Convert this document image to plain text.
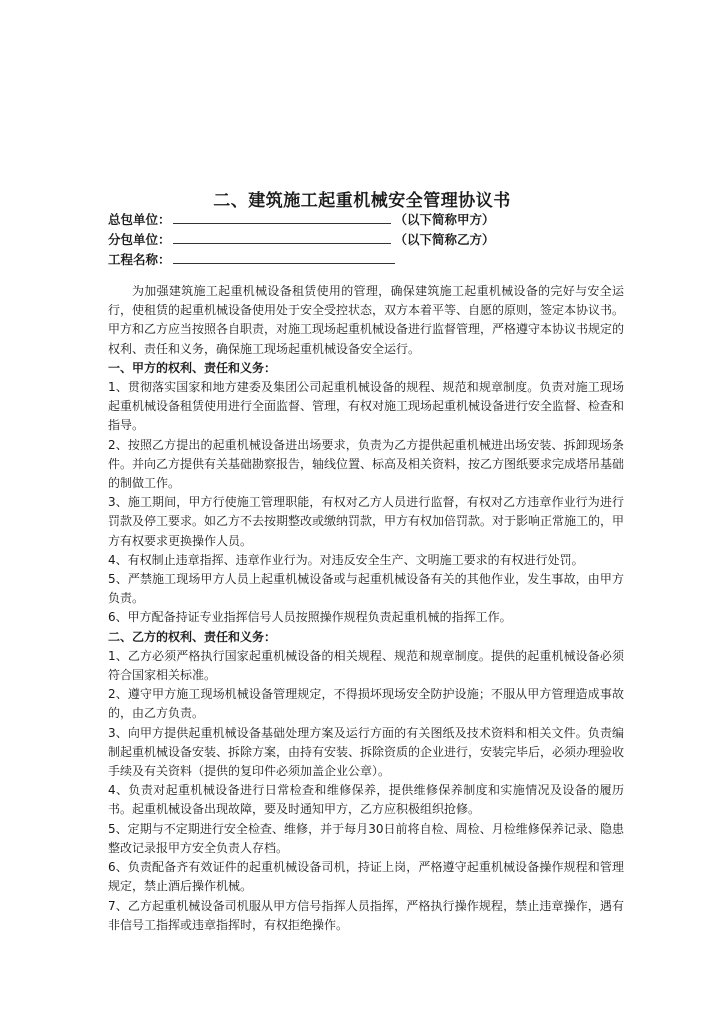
二、建筑施工起重机械安全管理协议书
总包单位：	（以下简称甲方）
分包单位：	（以下简称乙方）
工程名称：

为加强建筑施工起重机械设备租赁使用的管理，确保建筑施工起重机械设备的完好与安全运行，使租赁的起重机械设备使用处于安全受控状态，双方本着平等、自愿的原则，签定本协议书。甲方和乙方应当按照各自职责，对施工现场起重机械设备进行监督管理，严格遵守本协议书规定的权利、责任和义务，确保施工现场起重机械设备安全运行。

一、甲方的权利、责任和义务：

1、贯彻落实国家和地方建委及集团公司起重机械设备的规程、规范和规章制度。负责对施工现场起重机械设备租赁使用进行全面监督、管理，有权对施工现场起重机械设备进行安全监督、检查和指导。

2、按照乙方提出的起重机械设备进出场要求，负责为乙方提供起重机械进出场安装、拆卸现场条件。并向乙方提供有关基础勘察报告，轴线位置、标高及相关资料，按乙方图纸要求完成塔吊基础的制做工作。

3、施工期间，甲方行使施工管理职能，有权对乙方人员进行监督，有权对乙方违章作业行为进行罚款及停工要求。如乙方不去按期整改或缴纳罚款，甲方有权加倍罚款。对于影响正常施工的，甲方有权要求更换操作人员。

4、有权制止违章指挥、违章作业行为。对违反安全生产、文明施工要求的有权进行处罚。

5、严禁施工现场甲方人员上起重机械设备或与起重机械设备有关的其他作业，发生事故，由甲方负责。

6、甲方配备持证专业指挥信号人员按照操作规程负责起重机械的指挥工作。

二、乙方的权利、责任和义务：

1、乙方必须严格执行国家起重机械设备的相关规程、规范和规章制度。提供的起重机械设备必须符合国家相关标准。

2、遵守甲方施工现场机械设备管理规定，不得损坏现场安全防护设施；不服从甲方管理造成事故的，由乙方负责。

3、向甲方提供起重机械设备基础处理方案及运行方面的有关图纸及技术资料和相关文件。负责编制起重机械设备安装、拆除方案，由持有安装、拆除资质的企业进行，安装完毕后，必须办理验收手续及有关资料（提供的复印件必须加盖企业公章）。

4、负责对起重机械设备进行日常检查和维修保养，提供维修保养制度和实施情况及设备的履历书。起重机械设备出现故障，要及时通知甲方，乙方应积极组织抢修。

5、定期与不定期进行安全检查、维修，并于每月30日前将自检、周检、月检维修保养记录、隐患整改记录报甲方安全负责人存档。

6、负责配备齐有效证件的起重机械设备司机，持证上岗，严格遵守起重机械设备操作规程和管理规定，禁止酒后操作机械。

7、乙方起重机械设备司机服从甲方信号指挥人员指挥，严格执行操作规程，禁止违章操作，遇有非信号工指挥或违章指挥时，有权拒绝操作。
